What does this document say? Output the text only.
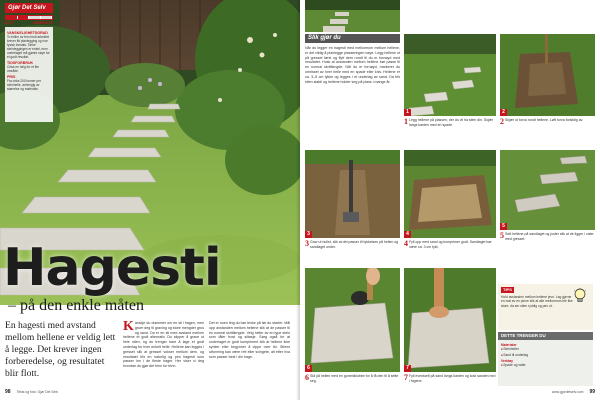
Gjør Det Selv
LETT	VANSKELIG
VANSKELIGHETSGRAD
To briller av fem fordi arbeidet krever litt planlegging og noe fysisk innsats. Selve steinleggingen er enkel, men underlaget må gjøres nøye for et godt resultat.
TIDSFORBRUK
Cirka en helg for et lite område.
PRIS
Fra cirka 200 kroner per steinhelle, avhengig av størrelse og materiale.
Hagesti
– på den enkle måten
En hagesti med avstand mellom hellene er veldig lett å legge. Det krever ingen forberedelse, og resultatet blir flott.
Kanskje du drømmer om en sti i hagen, men gruer deg til graving og store mengder grus og sand. Da er en sti med avstand mellom hellene et godt alternativ. Du slipper å grave ut hele stien, og du trenger bare å lage et godt underlag for hver enkelt helle. Hellene kan legges i gresset slik at gresset vokser mellom dem, og resultatet blir en naturlig og pen hagesti som passer inn i de fleste hager. Her viser vi deg hvordan du gjør det trinn for trinn.
Det er noen ting du bør tenke på før du starter. Mål opp avstanden mellom hellene slik at de passer til en normal skrittlengde. Velg heller av en type stein som tåler frost og slitasje. Sørg også for at underlaget er godt komprimert slik at hellene ikke synker eller begynner å vippe over tid. Stiens utforming kan være rett eller svingete, alt etter hva som passer best i din hage.
98 Tekst og foto: Gjør Det Selv
Slik gjør du
Når du legger en hagesti med mellomrom mellom hellene, er det viktig å planlegge plasseringen nøye. Legg hellene ut på gresset først og flytt dem rundt til du er fornøyd med resultatet. Husk at avstanden mellom hellene bør passe til en normal skrittlengde. Når du er fornøyd, markerer du omrisset av hver helle med en spade eller kniv. Hellene er ca. 3–5 cm tykke og legges i et underlag av sand. Da blir stien stabil og hellene holder seg på plass i mange år.
1
1 Legg hellene på plassen, der du vil ha stien din. Skjær langs kanten med en spade.
2
2 Skjær ut torva rundt hellene. Løft torva forsiktig av.
3
3 Grav ut hullet, slik at det passer til tykkelsen på hellen og sandlaget under.
4
4 Fyll opp med sand og komprimer godt. Sandlaget bør være ca. 3 cm tykt.
5
5 Sett hellene på sandlaget og juster slik at de ligger i vater med gresset.
6
6 Slå på hellen med en gummiklubbe for å få den til å sette seg.
7
7 Fyll eventuelt på sand langs kanten og kost sanden ned i fugene.
TIPS
Hold avstanden mellom hellene jevn. Lag gjerne en mal av en pinne slik at alle mellomrom blir like store, da ser stien ryddig og pen ut.
DETTE TRENGER DU
Materialer
■ Steinheller
■ Sand til underlag
Verktøy
■ Spade og vater
www.gjordetselv.com 99
